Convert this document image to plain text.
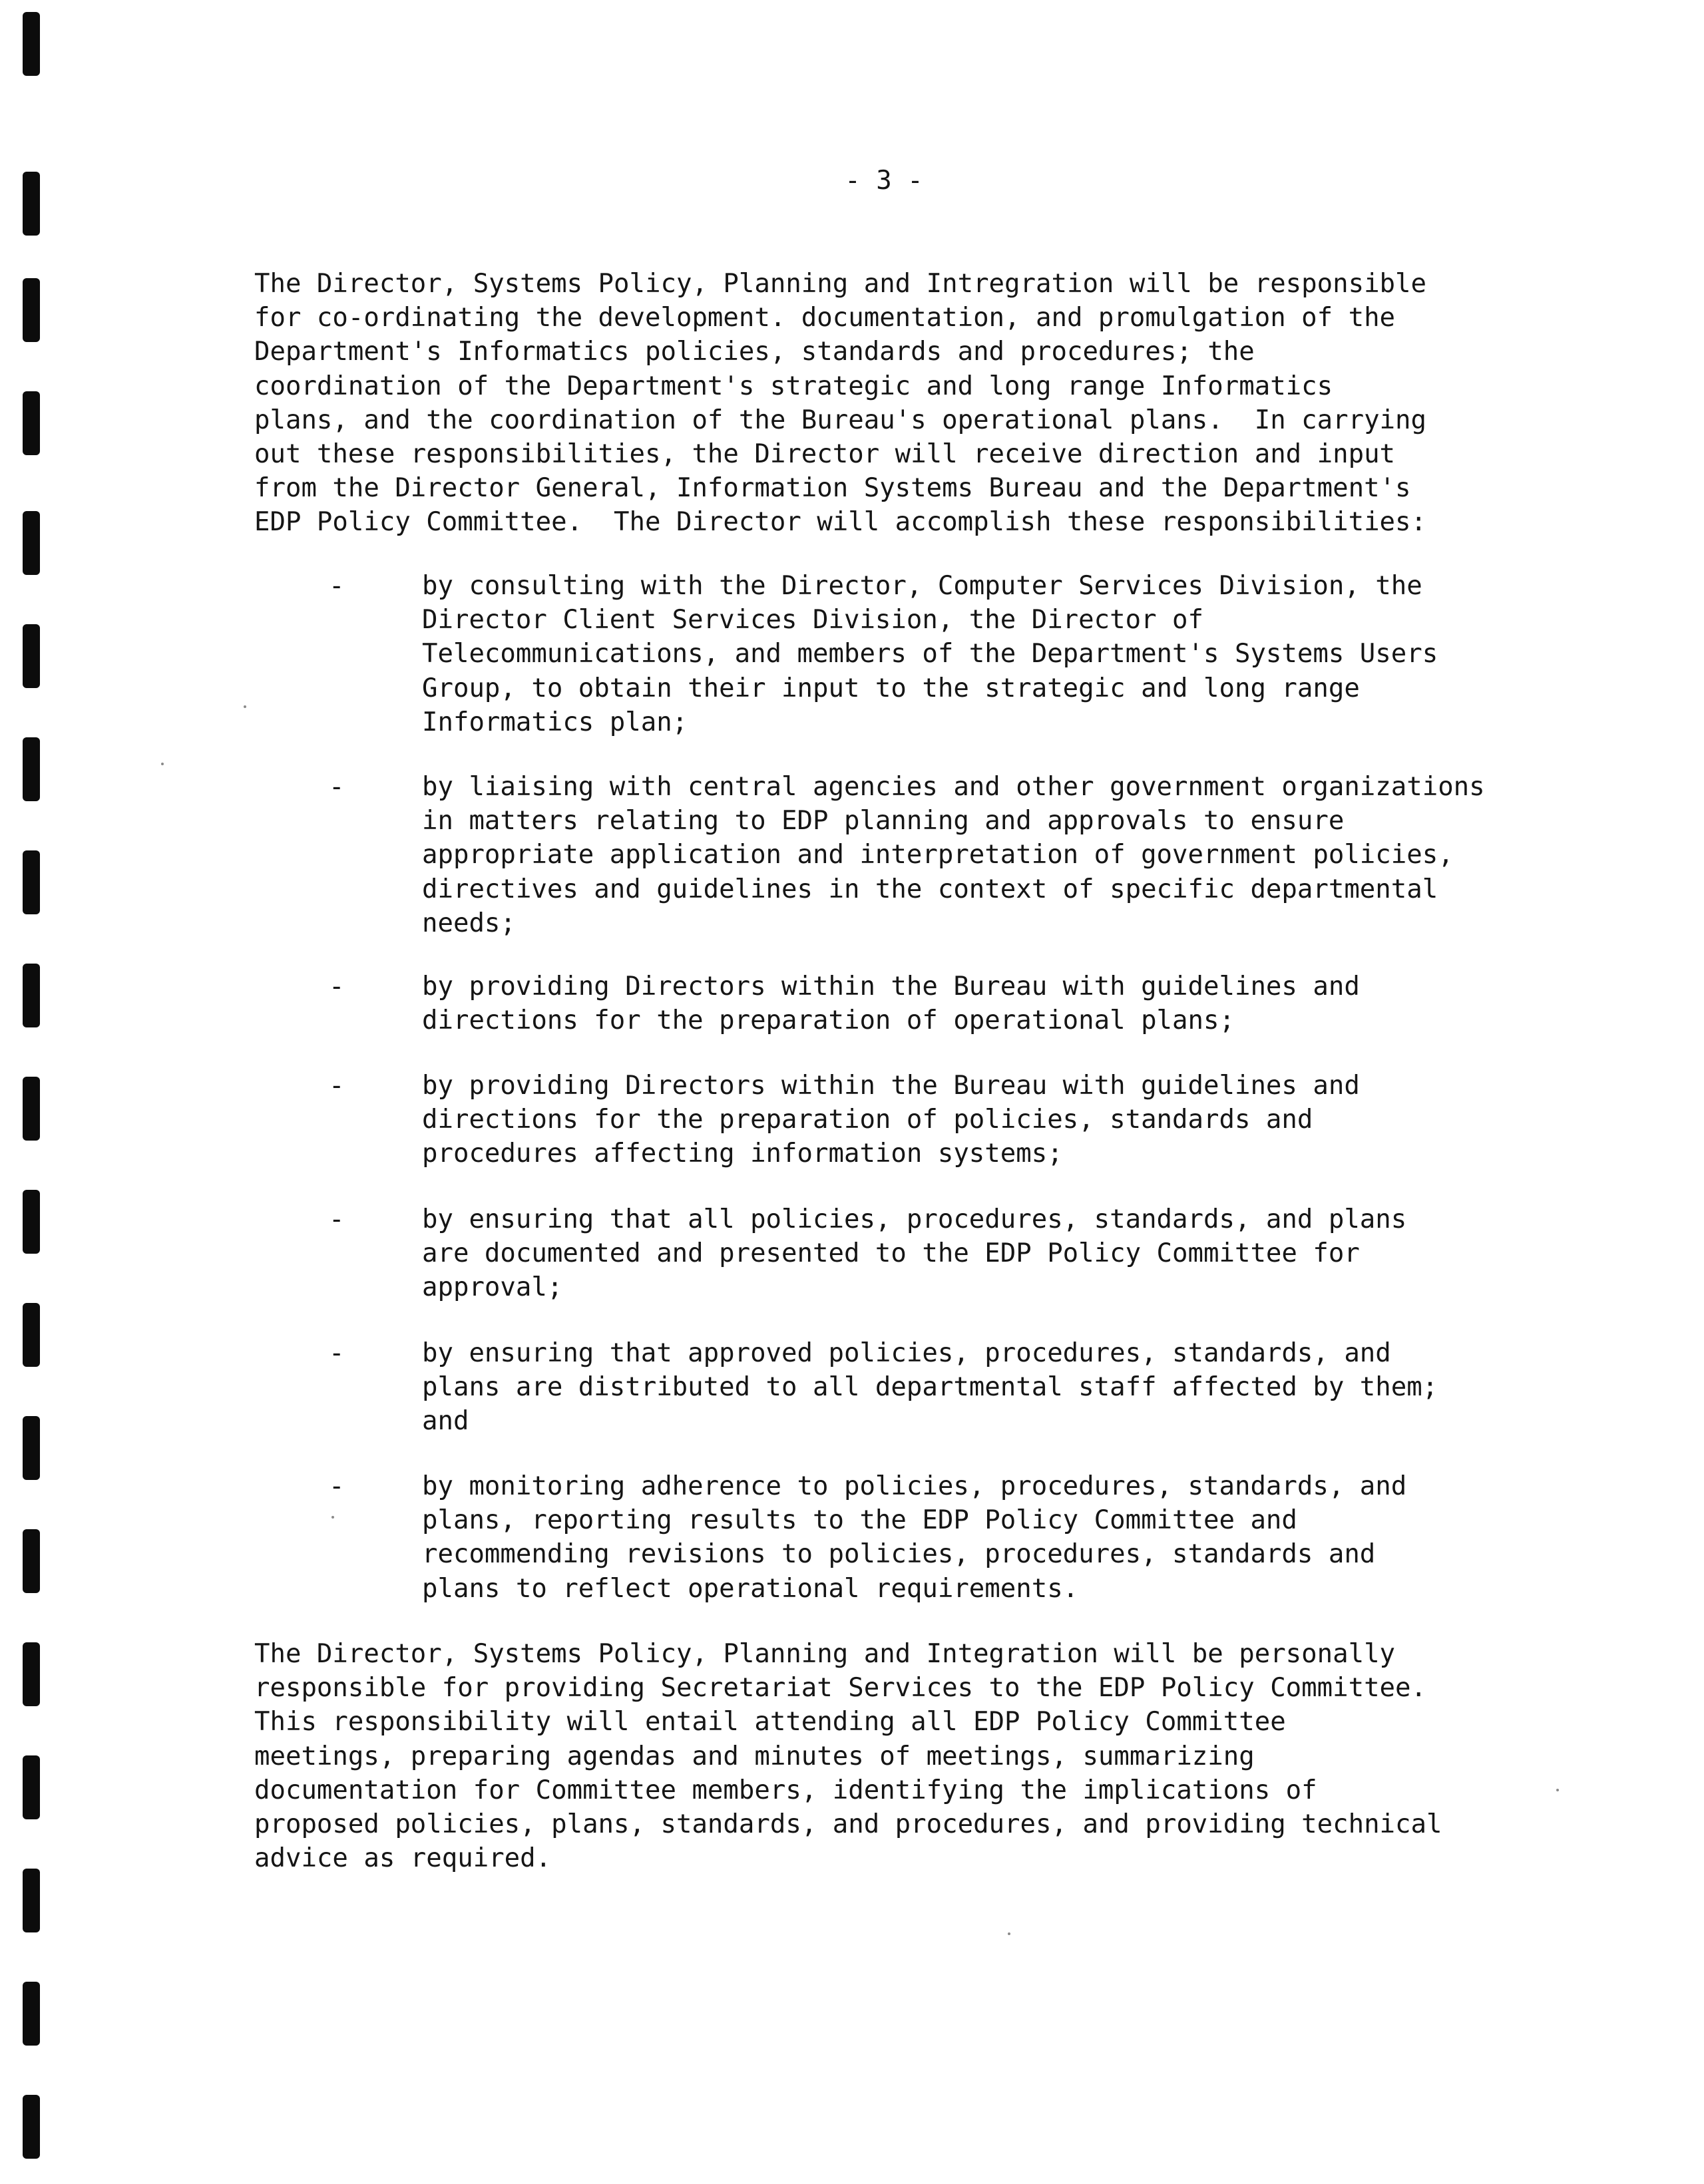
- 3 -

The Director, Systems Policy, Planning and Intregration will be responsible
for co-ordinating the development. documentation, and promulgation of the
Department's Informatics policies, standards and procedures; the
coordination of the Department's strategic and long range Informatics
plans, and the coordination of the Bureau's operational plans.  In carrying
out these responsibilities, the Director will receive direction and input
from the Director General, Information Systems Bureau and the Department's
EDP Policy Committee.  The Director will accomplish these responsibilities:
-	by consulting with the Director, Computer Services Division, the
Director Client Services Division, the Director of
Telecommunications, and members of the Department's Systems Users
Group, to obtain their input to the strategic and long range
Informatics plan;
-	by liaising with central agencies and other government organizations
in matters relating to EDP planning and approvals to ensure
appropriate application and interpretation of government policies,
directives and guidelines in the context of specific departmental
needs;
-	by providing Directors within the Bureau with guidelines and
directions for the preparation of operational plans;
-	by providing Directors within the Bureau with guidelines and
directions for the preparation of policies, standards and
procedures affecting information systems;
-	by ensuring that all policies, procedures, standards, and plans
are documented and presented to the EDP Policy Committee for
approval;
-	by ensuring that approved policies, procedures, standards, and
plans are distributed to all departmental staff affected by them;
and
-	by monitoring adherence to policies, procedures, standards, and
plans, reporting results to the EDP Policy Committee and
recommending revisions to policies, procedures, standards and
plans to reflect operational requirements.
The Director, Systems Policy, Planning and Integration will be personally
responsible for providing Secretariat Services to the EDP Policy Committee.
This responsibility will entail attending all EDP Policy Committee
meetings, preparing agendas and minutes of meetings, summarizing
documentation for Committee members, identifying the implications of
proposed policies, plans, standards, and procedures, and providing technical
advice as required.
